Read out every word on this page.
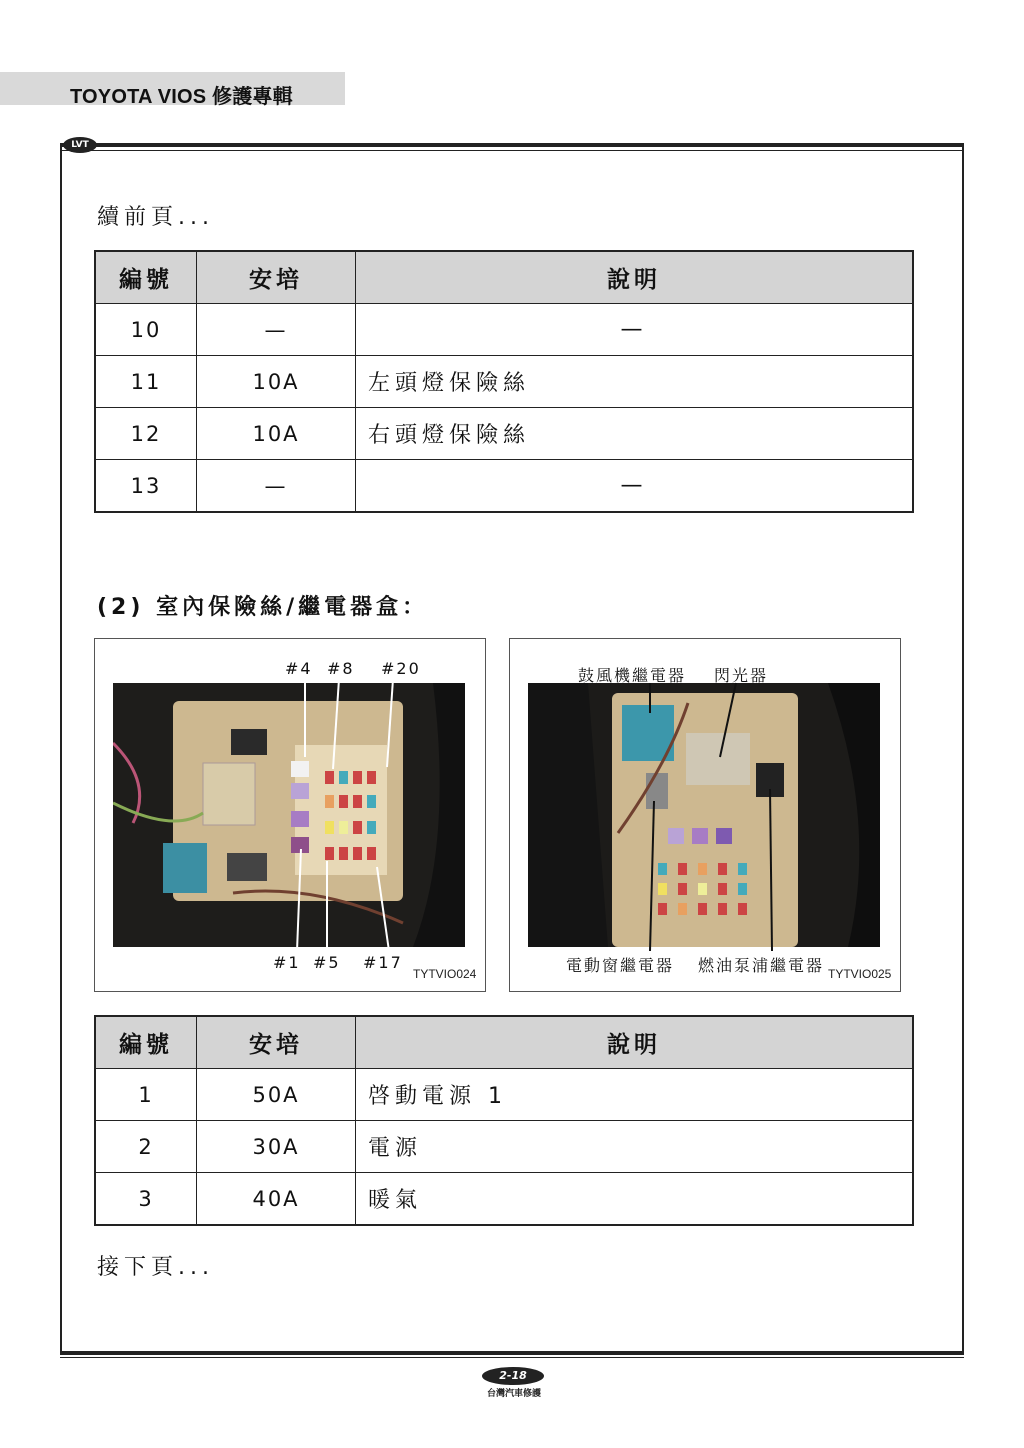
TOYOTA VIOS 修護專輯
LVT
續前頁...
編號	安培	說明
10	—	—
11	10A	左頭燈保險絲
12	10A	右頭燈保險絲
13	—	—
(2) 室內保險絲/繼電器盒：
#4 #8 #20
#1 #5 #17
TYTVIO024
鼓風機繼電器 閃光器
電動窗繼電器 燃油泵浦繼電器 TYTVIO025
編號	安培	說明
1	50A	啓動電源 1
2	30A	電源
3	40A	暖氣
接下頁...
2-18
台灣汽車修護
